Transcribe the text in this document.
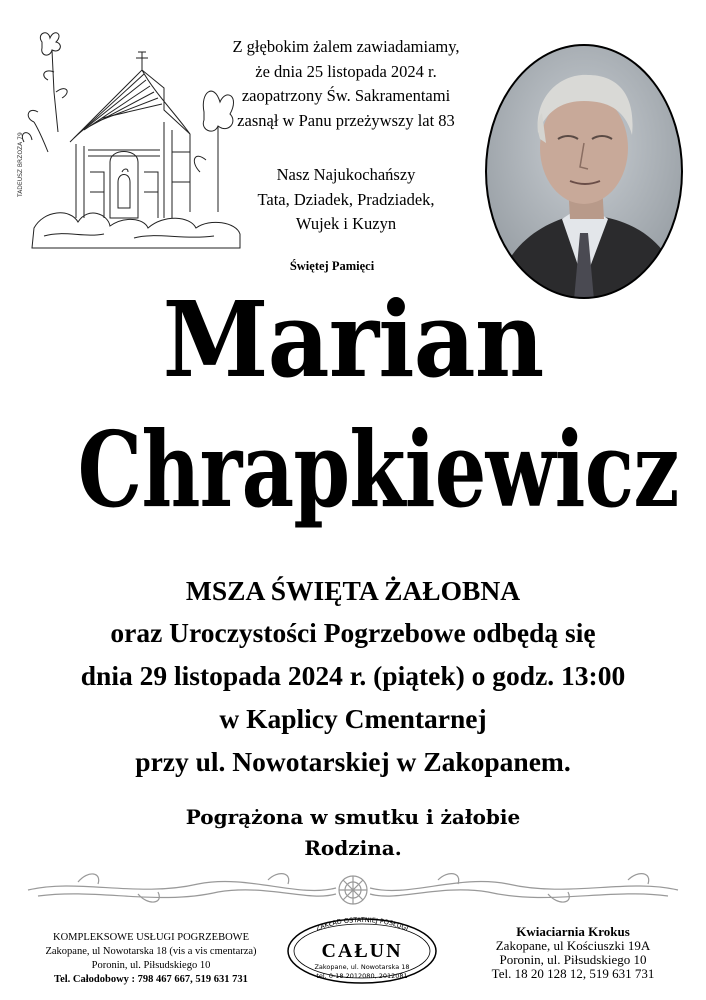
TADEUSZ BRZOZA 79
Z głębokim żalem zawiadamiamy,
że dnia 25 listopada 2024 r.
zaopatrzony Św. Sakramentami
zasnął w Panu przeżywszy lat 83
Nasz Najukochańszy
Tata, Dziadek, Pradziadek,
Wujek i Kuzyn
Świętej Pamięci
Marian
Chrapkiewicz
MSZA ŚWIĘTA ŻAŁOBNA
oraz Uroczystości Pogrzebowe odbędą się
dnia 29 listopada 2024 r. (piątek) o godz. 13:00
w Kaplicy Cmentarnej
przy ul. Nowotarskiej w Zakopanem.
Pogrążona w smutku i żałobie
Rodzina.
KOMPLEKSOWE USŁUGI POGRZEBOWE
Zakopane, ul Nowotarska 18 (vis a vis cmentarza)
Poronin, ul. Piłsudskiego 10
Tel. Całodobowy : 798 467 667, 519 631 731
ZAKŁAD OSTATNIEJ POSŁUGI
CAŁUN
Zakopane, ul. Nowotarska 18
tel. 0-18 2012080, 2012081
Kwiaciarnia Krokus
Zakopane, ul Kościuszki 19A
Poronin, ul. Piłsudskiego 10
Tel. 18 20 128 12, 519 631 731
